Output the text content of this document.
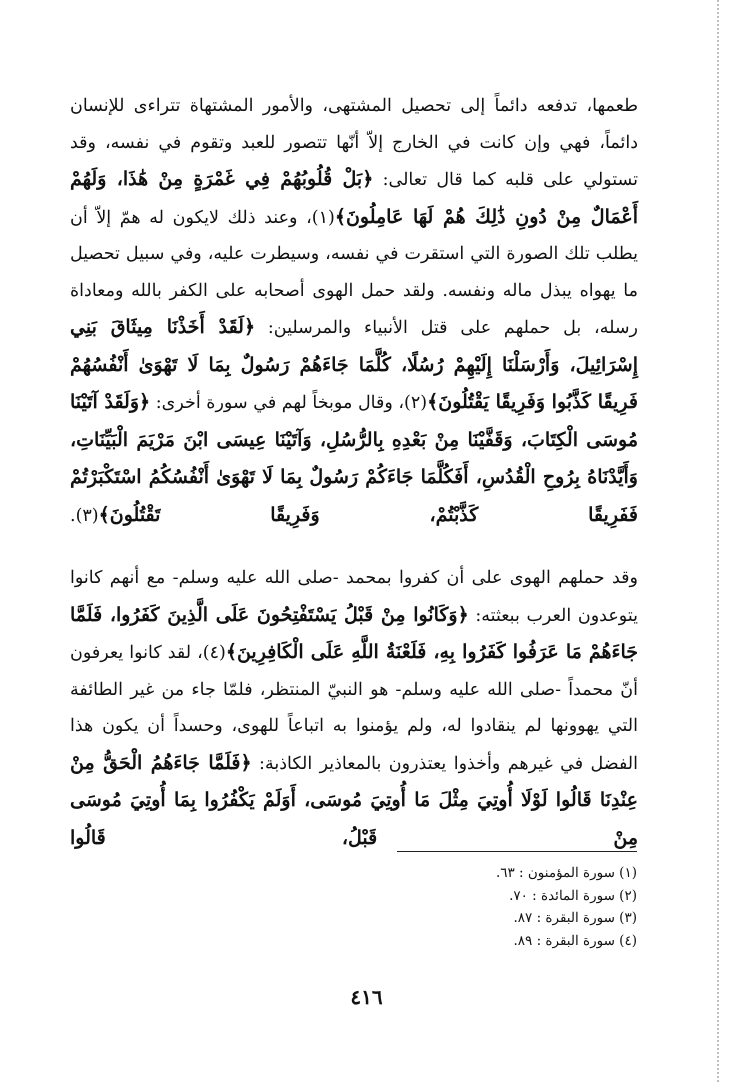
طعمها، تدفعه دائماً إلى تحصيل المشتهى، والأمور المشتهاة تتراءى للإنسان دائماً، فهي وإن كانت في الخارج إلاّ أنّها تتصور للعبد وتقوم في نفسه، وقد تستولي على قلبه كما قال تعالى: ﴿بَلْ قُلُوبُهُمْ فِي غَمْرَةٍ مِنْ هَٰذَا، وَلَهُمْ أَعْمَالٌ مِنْ دُونِ ذَٰلِكَ هُمْ لَهَا عَامِلُونَ﴾(١)، وعند ذلك لايكون له همّ إلاّ أن يطلب تلك الصورة التي استقرت في نفسه، وسيطرت عليه، وفي سبيل تحصيل ما يهواه يبذل ماله ونفسه. ولقد حمل الهوى أصحابه على الكفر بالله ومعاداة رسله، بل حملهم على قتل الأنبياء والمرسلين: ﴿لَقَدْ أَخَذْنَا مِيثَاقَ بَنِي إِسْرَائِيلَ، وَأَرْسَلْنَا إِلَيْهِمْ رُسُلًا، كُلَّمَا جَاءَهُمْ رَسُولٌ بِمَا لَا تَهْوَىٰ أَنْفُسُهُمْ فَرِيقًا كَذَّبُوا وَفَرِيقًا يَقْتُلُونَ﴾(٢)، وقال موبخاً لهم في سورة أخرى: ﴿وَلَقَدْ آتَيْنَا مُوسَى الْكِتَابَ، وَقَفَّيْنَا مِنْ بَعْدِهِ بِالرُّسُلِ، وَآتَيْنَا عِيسَى ابْنَ مَرْيَمَ الْبَيِّنَاتِ، وَأَيَّدْنَاهُ بِرُوحِ الْقُدُسِ، أَفَكُلَّمَا جَاءَكُمْ رَسُولٌ بِمَا لَا تَهْوَىٰ أَنْفُسُكُمُ اسْتَكْبَرْتُمْ فَفَرِيقًا كَذَّبْتُمْ، وَفَرِيقًا تَقْتُلُونَ﴾(٣).

وقد حملهم الهوى على أن كفروا بمحمد -صلى الله عليه وسلم- مع أنهم كانوا يتوعدون العرب ببعثته: ﴿وَكَانُوا مِنْ قَبْلُ يَسْتَفْتِحُونَ عَلَى الَّذِينَ كَفَرُوا، فَلَمَّا جَاءَهُمْ مَا عَرَفُوا كَفَرُوا بِهِ، فَلَعْنَةُ اللَّهِ عَلَى الْكَافِرِينَ﴾(٤)، لقد كانوا يعرفون أنّ محمداً -صلى الله عليه وسلم- هو النبيّ المنتظر، فلمّا جاء من غير الطائفة التي يهوونها لم ينقادوا له، ولم يؤمنوا به اتباعاً للهوى، وحسداً أن يكون هذا الفضل في غيرهم وأخذوا يعتذرون بالمعاذير الكاذبة: ﴿فَلَمَّا جَاءَهُمُ الْحَقُّ مِنْ عِنْدِنَا قَالُوا لَوْلَا أُوتِيَ مِثْلَ مَا أُوتِيَ مُوسَى، أَوَلَمْ يَكْفُرُوا بِمَا أُوتِيَ مُوسَى مِنْ قَبْلُ، قَالُوا

(١) سورة المؤمنون : ٦٣.
(٢) سورة المائدة : ٧٠.
(٣) سورة البقرة : ٨٧.
(٤) سورة البقرة : ٨٩.
٤١٦
